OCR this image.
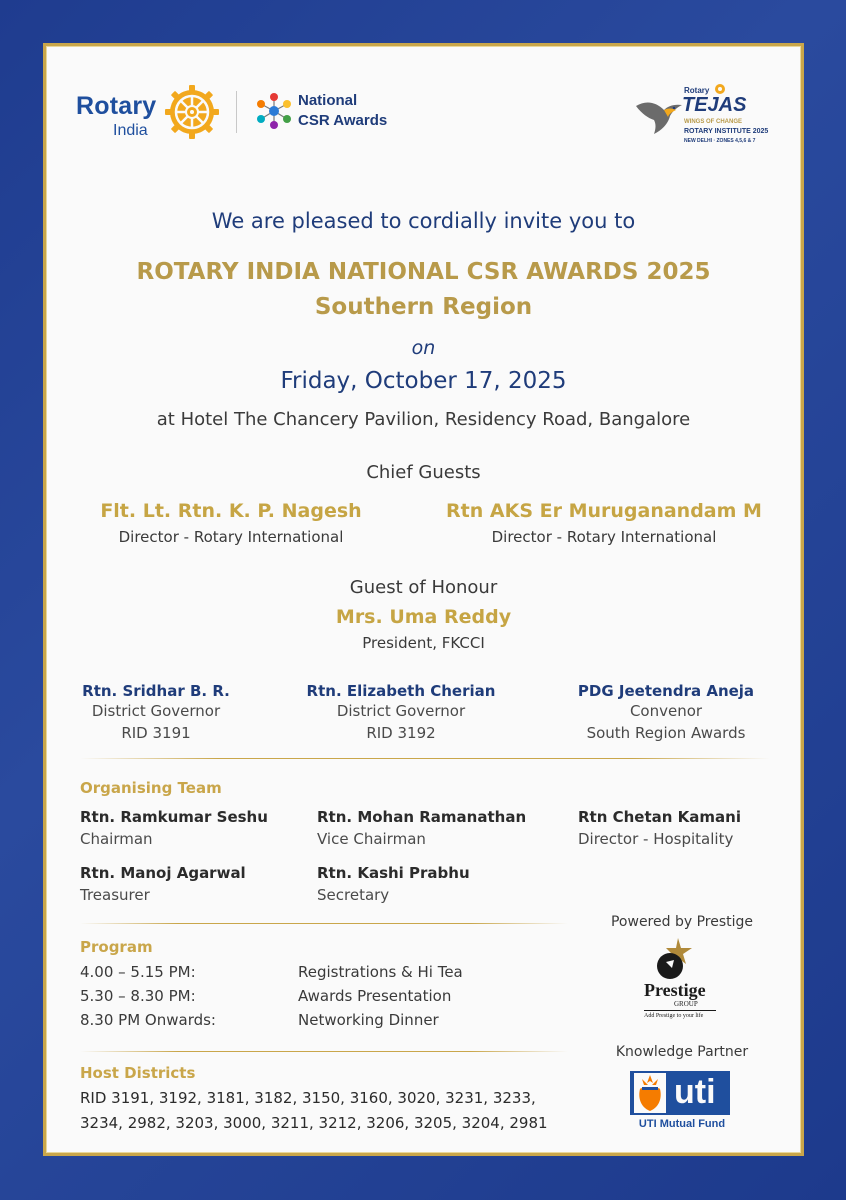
Rotary
India
National
CSR Awards
Rotary
TEJAS
WINGS OF CHANGE
ROTARY INSTITUTE 2025
NEW DELHI · ZONES 4,5,6 & 7
We are pleased to cordially invite you to
ROTARY INDIA NATIONAL CSR AWARDS 2025
Southern Region
on
Friday, October 17, 2025
at Hotel The Chancery Pavilion, Residency Road, Bangalore
Chief Guests
Flt. Lt. Rtn. K. P. Nagesh
Director - Rotary International
Rtn AKS Er Muruganandam M
Director - Rotary International
Guest of Honour
Mrs. Uma Reddy
President, FKCCI
Rtn. Sridhar B. R.
District Governor
RID 3191
Rtn. Elizabeth Cherian
District Governor
RID 3192
PDG Jeetendra Aneja
Convenor
South Region Awards
Organising Team
Rtn. Ramkumar Seshu
Chairman
Rtn. Mohan Ramanathan
Vice Chairman
Rtn Chetan Kamani
Director - Hospitality
Rtn. Manoj Agarwal
Treasurer
Rtn. Kashi Prabhu
Secretary
Program
4.00 – 5.15 PM:	Registrations & Hi Tea
5.30 – 8.30 PM:	Awards Presentation
8.30 PM Onwards:	Networking Dinner
Host Districts
RID 3191, 3192, 3181, 3182, 3150, 3160, 3020, 3231, 3233,
3234, 2982, 3203, 3000, 3211, 3212, 3206, 3205, 3204, 2981
Powered by Prestige
Prestige
GROUP
Add Prestige to your life
Knowledge Partner
uti
UTI Mutual Fund
